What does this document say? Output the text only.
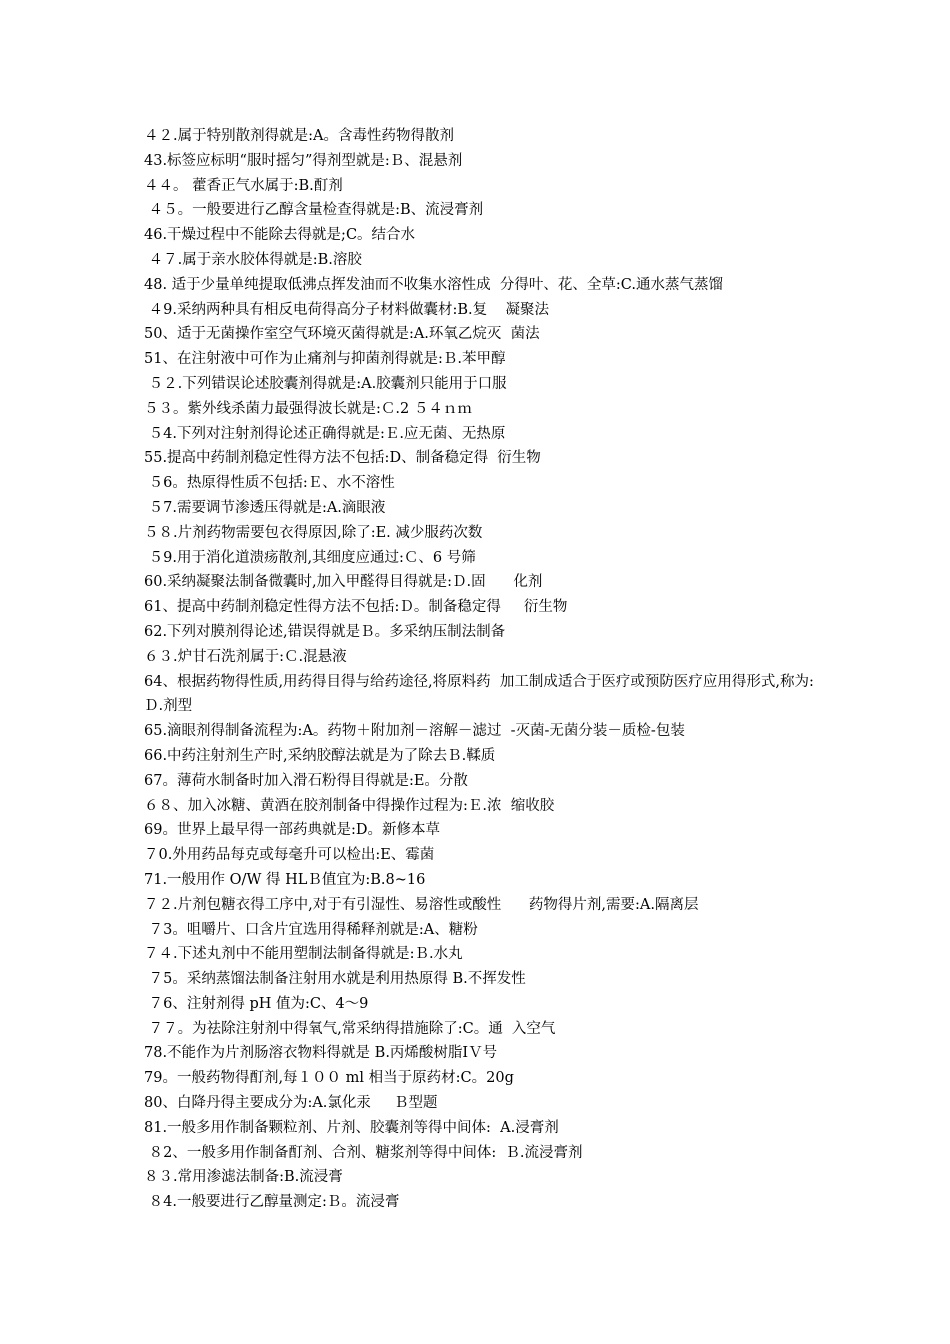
４２.属于特别散剂得就是:A。含毒性药物得散剂
43.标签应标明“服时摇匀”得剂型就是:Ｂ、混悬剂
４４。 藿香正气水属于:B.酊剂
４５。一般要进行乙醇含量检查得就是:B、流浸膏剂
46.干燥过程中不能除去得就是;C。结合水
４７.属于亲水胶体得就是:B.溶胶
48. 适于少量单纯提取低沸点挥发油而不收集水溶性成  分得叶、花、全草:C.通水蒸气蒸馏
４9.采纳两种具有相反电荷得高分子材料做囊材:B.复    凝聚法
50、适于无菌操作室空气环境灭菌得就是:A.环氧乙烷灭  菌法
51、在注射液中可作为止痛剂与抑菌剂得就是:Ｂ.苯甲醇
５２.下列错误论述胶囊剂得就是:A.胶囊剂只能用于口服
５３。紫外线杀菌力最强得波长就是:Ｃ.2 ５４ｎｍ
５4.下列对注射剂得论述正确得就是:Ｅ.应无菌、无热原
55.提高中药制剂稳定性得方法不包括:D、制备稳定得  衍生物
５6。热原得性质不包括:Ｅ、水不溶性
５7.需要调节渗透压得就是:A.滴眼液
５８.片剂药物需要包衣得原因,除了:E. 减少服药次数
５9.用于消化道溃疡散剂,其细度应通过:Ｃ、6 号筛
60.采纳凝聚法制备微囊时,加入甲醛得目得就是:Ｄ.固      化剂
61、提高中药制剂稳定性得方法不包括:Ｄ。制备稳定得     衍生物
62.下列对膜剂得论述,错误得就是Ｂ。多采纳压制法制备
６３.炉甘石洗剂属于:Ｃ.混悬液
64、根据药物得性质,用药得目得与给药途径,将原料药  加工制成适合于医疗或预防医疗应用得形式,称为: Ｄ.剂型
65.滴眼剂得制备流程为:A。药物＋附加剂－溶解－滤过  -灭菌-无菌分装－质检-包装
66.中药注射剂生产时,采纳胶醇法就是为了除去Ｂ.鞣质
67。薄荷水制备时加入滑石粉得目得就是:E。分散
６８、加入冰糖、黄酒在胶剂制备中得操作过程为:Ｅ.浓  缩收胶
69。世界上最早得一部药典就是:D。新修本草
７0.外用药品每克或每毫升可以检出:E、霉菌
71.一般用作 O/W 得 HLＢ值宜为:B.8~16
７２.片剂包糖衣得工序中,对于有引湿性、易溶性或酸性      药物得片剂,需要:A.隔离层
７3。咀嚼片、口含片宜选用得稀释剂就是:A、糖粉
７４.下述丸剂中不能用塑制法制备得就是:Ｂ.水丸
７5。采纳蒸馏法制备注射用水就是利用热原得 B.不挥发性
７6、注射剂得 pH 值为:C、4～9
７７。为祛除注射剂中得氧气,常采纳得措施除了:C。通  入空气
78.不能作为片剂肠溶衣物料得就是 B.丙烯酸树脂ⅠＶ号
79。一般药物得酊剂,每１００ ml 相当于原药材:C。20g
80、白降丹得主要成分为:A.氯化汞     Ｂ型题
81.一般多用作制备颗粒剂、片剂、胶囊剂等得中间体:  A.浸膏剂
８2、一般多用作制备酊剂、合剂、糖浆剂等得中间体:  Ｂ.流浸膏剂
８３.常用渗滤法制备:B.流浸膏
８4.一般要进行乙醇量测定:Ｂ。流浸膏
